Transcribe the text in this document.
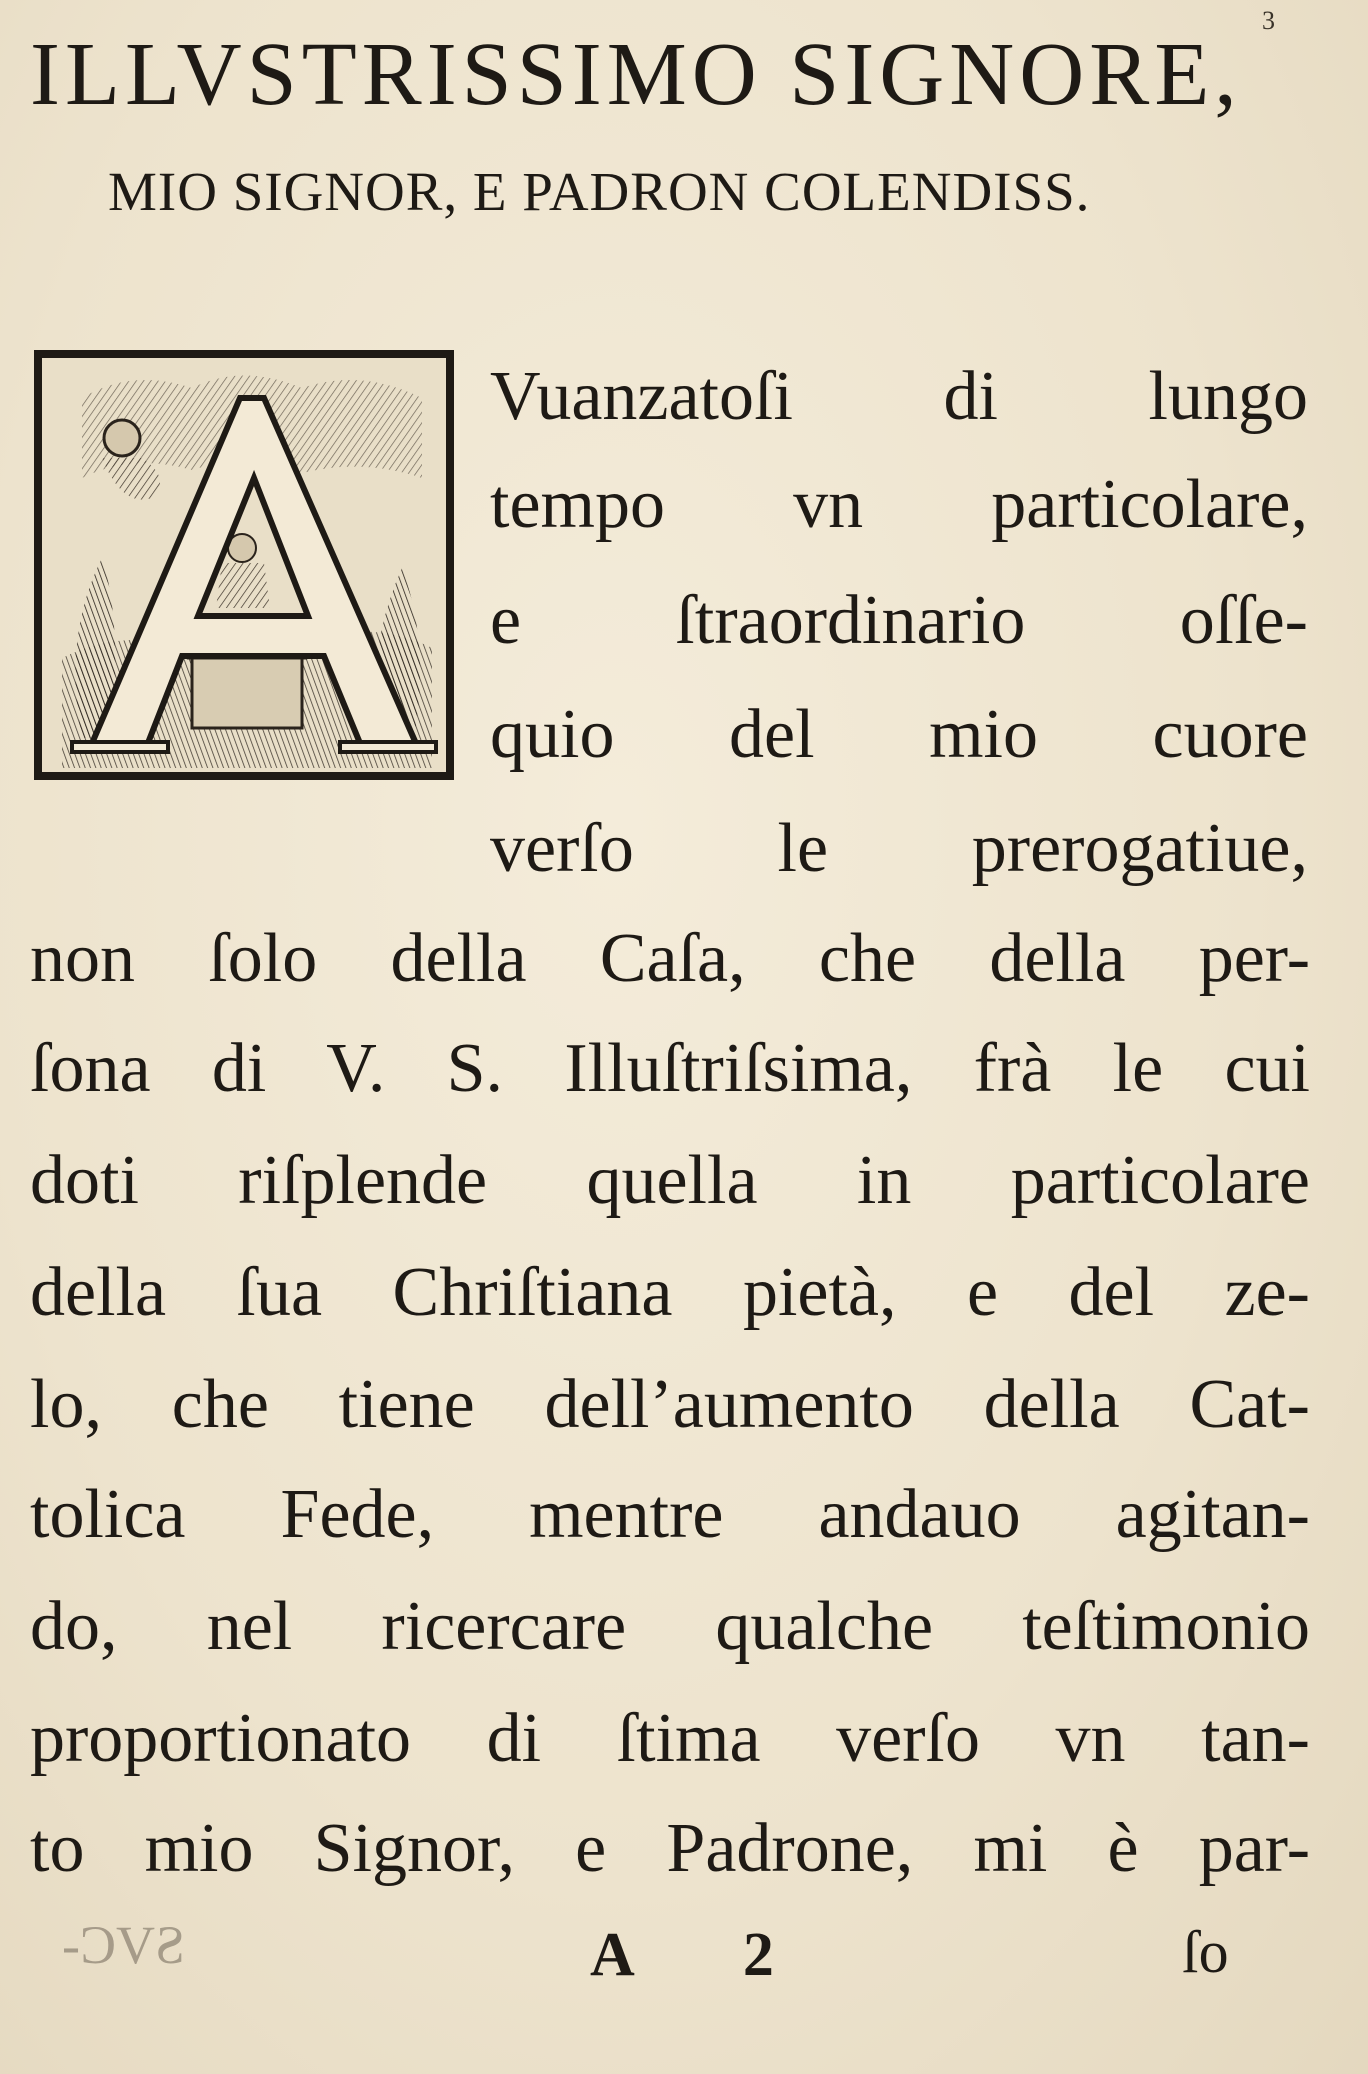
3
ILLVSTRISSIMO SIGNORE,
MIO SIGNOR, E PADRON COLENDISS.
Vuanzatoſi di lungo
tempo vn particolare,
e ſtraordinario oſſe-
quio del mio cuore
verſo le prerogatiue,
non ſolo della Caſa, che della per-
ſona di V. S. Illuſtriſsima, frà le cui
doti riſplende quella in particolare
della ſua Chriſtiana pietà, e del ze-
lo, che tiene dell’aumento della Cat-
tolica Fede, mentre andauo agitan-
do, nel ricercare qualche teſtimonio
proportionato di ſtima verſo vn tan-
to mio Signor, e Padrone, mi è par-
-ƆVƧ	A 2	ſo
